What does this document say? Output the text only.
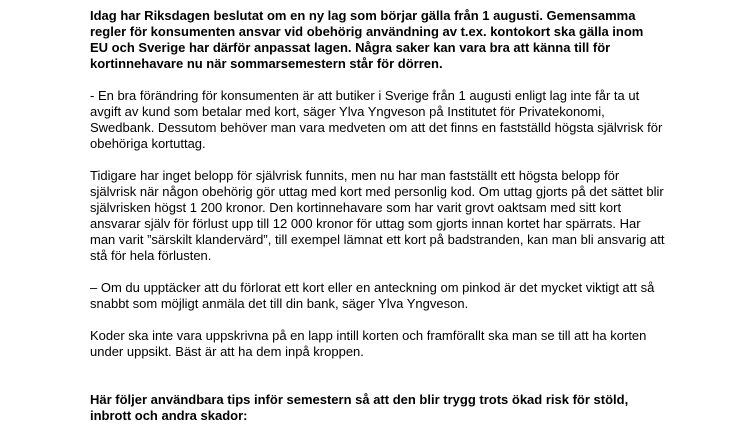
Idag har Riksdagen beslutat om en ny lag som börjar gälla från 1 augusti. Gemensamma
regler för konsumenten ansvar vid obehörig användning av t.ex. kontokort ska gälla inom
EU och Sverige har därför anpassat lagen. Några saker kan vara bra att känna till för
kortinnehavare nu när sommarsemestern står för dörren.

- En bra förändring för konsumenten är att butiker i Sverige från 1 augusti enligt lag inte får ta ut
avgift av kund som betalar med kort, säger Ylva Yngveson på Institutet för Privatekonomi,
Swedbank. Dessutom behöver man vara medveten om att det finns en fastställd högsta självrisk för
obehöriga kortuttag.

Tidigare har inget belopp för självrisk funnits, men nu har man fastställt ett högsta belopp för
självrisk när någon obehörig gör uttag med kort med personlig kod. Om uttag gjorts på det sättet blir
självrisken högst 1 200 kronor. Den kortinnehavare som har varit grovt oaktsam med sitt kort
ansvarar själv för förlust upp till 12 000 kronor för uttag som gjorts innan kortet har spärrats. Har
man varit ”särskilt klandervärd”, till exempel lämnat ett kort på badstranden, kan man bli ansvarig att
stå för hela förlusten.

– Om du upptäcker att du förlorat ett kort eller en anteckning om pinkod är det mycket viktigt att så
snabbt som möjligt anmäla det till din bank, säger Ylva Yngveson.

Koder ska inte vara uppskrivna på en lapp intill korten och framförallt ska man se till att ha korten
under uppsikt. Bäst är att ha dem inpå kroppen.

Här följer användbara tips inför semestern så att den blir trygg trots ökad risk för stöld,
inbrott och andra skador:
